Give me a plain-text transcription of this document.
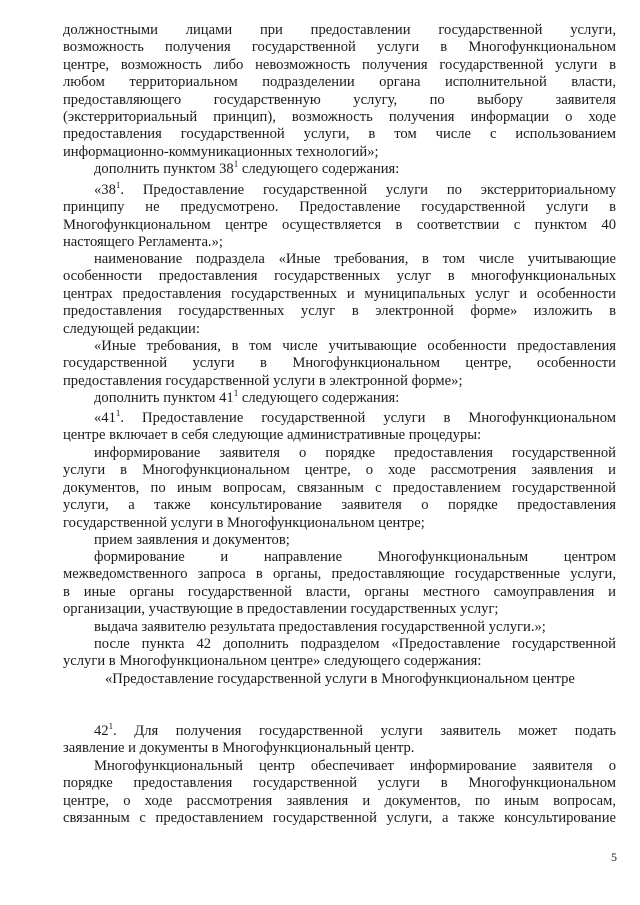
должностными лицами при предоставлении государственной услуги,
возможность получения государственной услуги в Многофункциональном
центре, возможность либо невозможность получения государственной услуги в
любом территориальном подразделении органа исполнительной власти,
предоставляющего государственную услугу, по выбору заявителя
(экстерриториальный принцип), возможность получения информации о ходе
предоставления государственной услуги, в том числе с использованием
информационно-коммуникационных технологий»;
дополнить пунктом $38^1$ следующего содержания:
«$38^1$. Предоставление государственной услуги по экстерриториальному
принципу не предусмотрено. Предоставление государственной услуги в
Многофункциональном центре осуществляется в соответствии с пунктом 40
настоящего Регламента.»;
наименование подраздела «Иные требования, в том числе учитывающие
особенности предоставления государственных услуг в многофункциональных
центрах предоставления государственных и муниципальных услуг и особенности
предоставления государственных услуг в электронной форме» изложить в
следующей редакции:
«Иные требования, в том числе учитывающие особенности предоставления
государственной услуги в Многофункциональном центре, особенности
предоставления государственной услуги в электронной форме»;
дополнить пунктом $41^1$ следующего содержания:
«$41^1$. Предоставление государственной услуги в Многофункциональном
центре включает в себя следующие административные процедуры:
информирование заявителя о порядке предоставления государственной
услуги в Многофункциональном центре, о ходе рассмотрения заявления и
документов, по иным вопросам, связанным с предоставлением государственной
услуги, а также консультирование заявителя о порядке предоставления
государственной услуги в Многофункциональном центре;
прием заявления и документов;
формирование и направление Многофункциональным центром
межведомственного запроса в органы, предоставляющие государственные услуги,
в иные органы государственной власти, органы местного самоуправления и
организации, участвующие в предоставлении государственных услуг;
выдача заявителю результата предоставления государственной услуги.»;
после пункта 42 дополнить подразделом «Предоставление государственной
услуги в Многофункциональном центре» следующего содержания:
«Предоставление государственной услуги в Многофункциональном центре
$42^1$. Для получения государственной услуги заявитель может подать
заявление и документы в Многофункциональный центр.
Многофункциональный центр обеспечивает информирование заявителя о
порядке предоставления государственной услуги в Многофункциональном
центре, о ходе рассмотрения заявления и документов, по иным вопросам,
связанным с предоставлением государственной услуги, а также консультирование
5
